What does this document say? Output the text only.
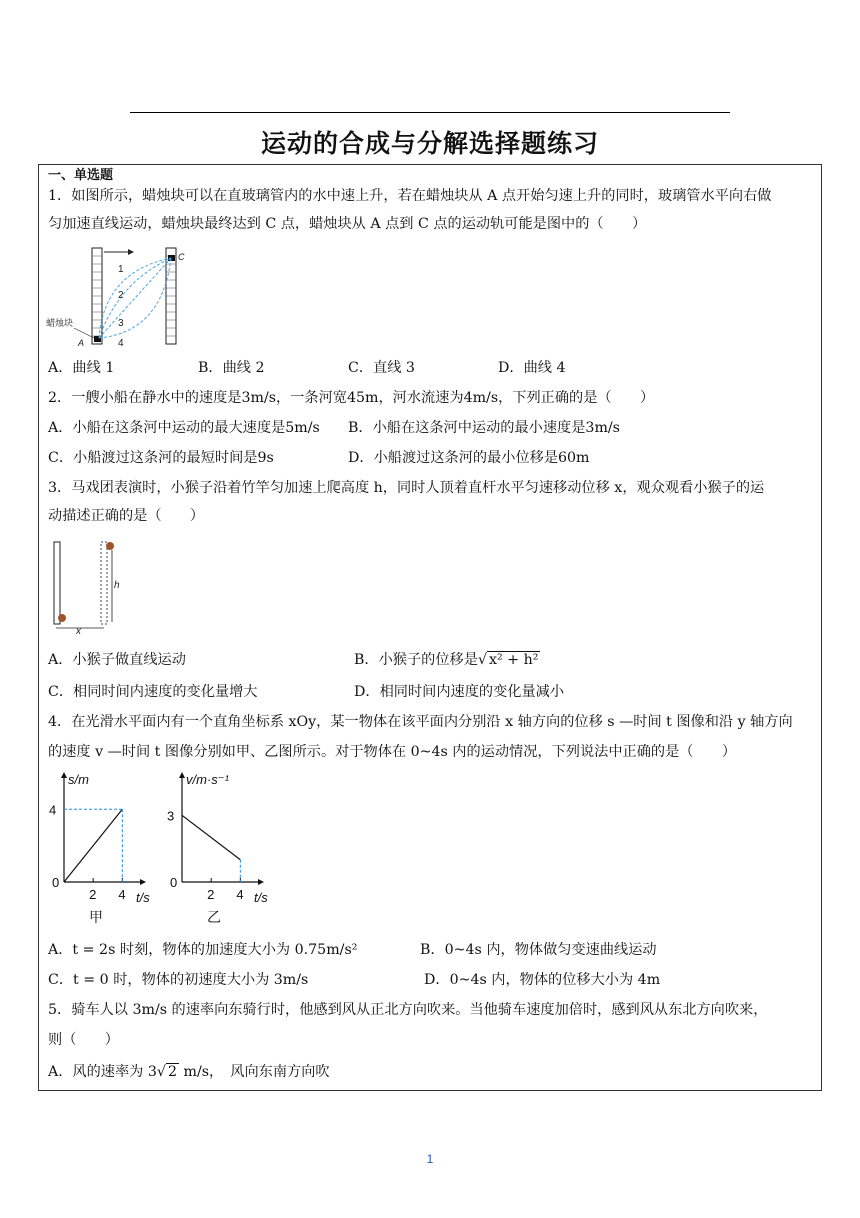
运动的合成与分解选择题练习
一、单选题
1．如图所示，蜡烛块可以在直玻璃管内的水中速上升，若在蜡烛块从 A 点开始匀速上升的同时，玻璃管水平向右做
匀加速直线运动，蜡烛块最终达到 C 点，蜡烛块从 A 点到 C 点的运动轨可能是图中的（　　）
1
2
3
4
蜡烛块
A
C
A．曲线 1	B．曲线 2	C．直线 3	D．曲线 4
2．一艘小船在静水中的速度是3m/s，一条河宽45m，河水流速为4m/s，下列正确的是（　　）
A．小船在这条河中运动的最大速度是5m/s B．小船在这条河中运动的最小速度是3m/s
C．小船渡过这条河的最短时间是9s	D．小船渡过这条河的最小位移是60m
3．马戏团表演时，小猴子沿着竹竿匀加速上爬高度 h，同时人顶着直杆水平匀速移动位移 x，观众观看小猴子的运
动描述正确的是（　　）
h
x
A．小猴子做直线运动	B．小猴子的位移是√ x² + h²
C．相同时间内速度的变化量增大	D．相同时间内速度的变化量减小
4．在光滑水平面内有一个直角坐标系 xOy，某一物体在该平面内分别沿 x 轴方向的位移 s —时间 t 图像和沿 y 轴方向
的速度 v —时间 t 图像分别如甲、乙图所示。对于物体在 0~4s 内的运动情况，下列说法中正确的是（　　）
s/m
t/s
0
2 4
4
甲
v/m·s⁻¹
t/s
0
2 4
3
乙
A．t = 2s 时刻，物体的加速度大小为 0.75m/s²	B．0~4s 内，物体做匀变速曲线运动
C．t = 0 时，物体的初速度大小为 3m/s	D．0~4s 内，物体的位移大小为 4m
5．骑车人以 3m/s 的速率向东骑行时，他感到风从正北方向吹来。当他骑车速度加倍时，感到风从东北方向吹来，
则（　　）
A．风的速率为 3√ 2 m/s，　风向东南方向吹
1
